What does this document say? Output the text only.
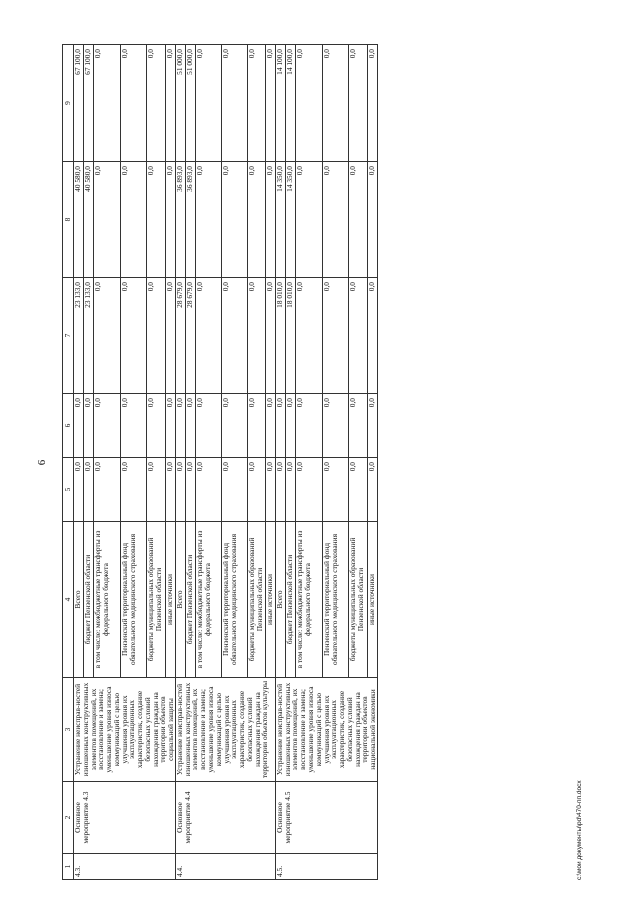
6
1	2	3	4	5	6	7	8	9
4.3.	Основное мероприятие 4.3	Устранение неисправ-ностей изношенных конструктивных элементов помещений, их восстановление и замена; уменьшение уровня износа коммуникаций с целью улучшения уровня их эксплуатационных характеристик, создание безопасных условий нахождения граждан на территории объектов социальной защиты	Всего	0,0	0,0	23 133,0	40 580,0	67 100,0
			бюджет Пензенской области	0,0	0,0	23 133,0	40 580,0	67 100,0
			в том числе: межбюджетные трансферты из федерального бюджета	0,0	0,0	0,0	0,0	0,0
			Пензенский территориальный фонд обязательного медицинского страхования	0,0	0,0	0,0	0,0	0,0
			бюджеты муниципальных образований Пензенской области	0,0	0,0	0,0	0,0	0,0
			иные источники	0,0	0,0	0,0	0,0	0,0
4.4.	Основное мероприятие 4.4	Устранение неисправ-ностей изношенных конструктивных элементов помещений, их восстановление и замена; уменьшение уровня износа коммуникаций с целью улучшения уровня их эксплуатационных характеристик, создание безопасных условий нахождения граждан на территории объектов культуры	Всего	0,0	0,0	28 679,0	36 893,0	51 000,0
			бюджет Пензенской области	0,0	0,0	28 679,0	36 893,0	51 000,0
			в том числе: межбюджетные трансферты из федерального бюджета	0,0	0,0	0,0	0,0	0,0
			Пензенский территориальный фонд обязательного медицинского страхования	0,0	0,0	0,0	0,0	0,0
			бюджеты муниципальных образований Пензенской области	0,0	0,0	0,0	0,0	0,0
			иные источники	0,0	0,0	0,0	0,0	0,0
4.5.	Основное мероприятие 4.5	Устранение неисправ-ностей изношенных конструктивных элементов помещений, их восстановление и замена; уменьшение уровня износа коммуникаций с целью улучшения уровня их эксплуатационных характеристик, создание безопасных условий нахождения граждан на территории объектов национальной экономики	Всего	0,0	0,0	18 010,0	14 350,0	14 100,0
			бюджет Пензенской области	0,0	0,0	18 010,0	14 350,0	14 100,0
			в том числе: межбюджетные трансферты из федерального бюджета	0,0	0,0	0,0	0,0	0,0
			Пензенский территориальный фонд обязательного медицинского страхования	0,0	0,0	0,0	0,0	0,0
			бюджеты муниципальных образований Пензенской области	0,0	0,0	0,0	0,0	0,0
			иные источники	0,0	0,0	0,0	0,0	0,0
c:\мои документы\pd\470-пп.docx
